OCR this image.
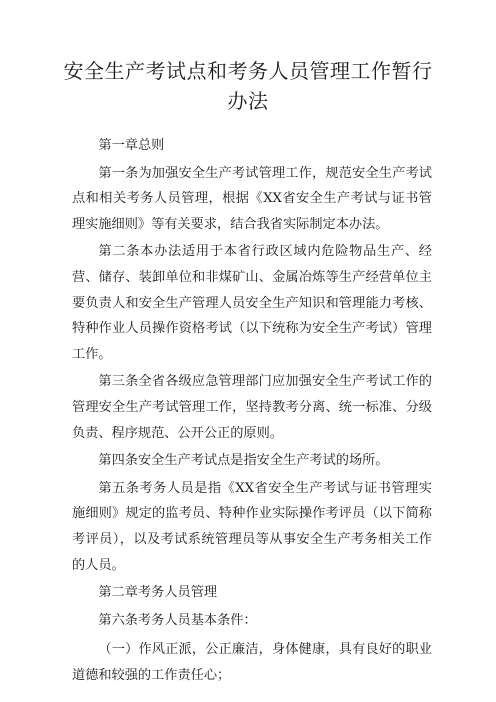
安全生产考试点和考务人员管理工作暂行办法

第一章总则

第一条为加强安全生产考试管理工作，规范安全生产考试点和相关考务人员管理，根据《XX省安全生产考试与证书管理实施细则》等有关要求，结合我省实际制定本办法。

第二条本办法适用于本省行政区域内危险物品生产、经营、储存、装卸单位和非煤矿山、金属冶炼等生产经营单位主要负责人和安全生产管理人员安全生产知识和管理能力考核、特种作业人员操作资格考试（以下统称为安全生产考试）管理工作。

第三条全省各级应急管理部门应加强安全生产考试工作的管理安全生产考试管理工作，坚持教考分离、统一标准、分级负责、程序规范、公开公正的原则。

第四条安全生产考试点是指安全生产考试的场所。

第五条考务人员是指《XX省安全生产考试与证书管理实施细则》规定的监考员、特种作业实际操作考评员（以下简称考评员），以及考试系统管理员等从事安全生产考务相关工作的人员。

第二章考务人员管理

第六条考务人员基本条件：

（一）作风正派，公正廉洁，身体健康，具有良好的职业道德和较强的工作责任心；
